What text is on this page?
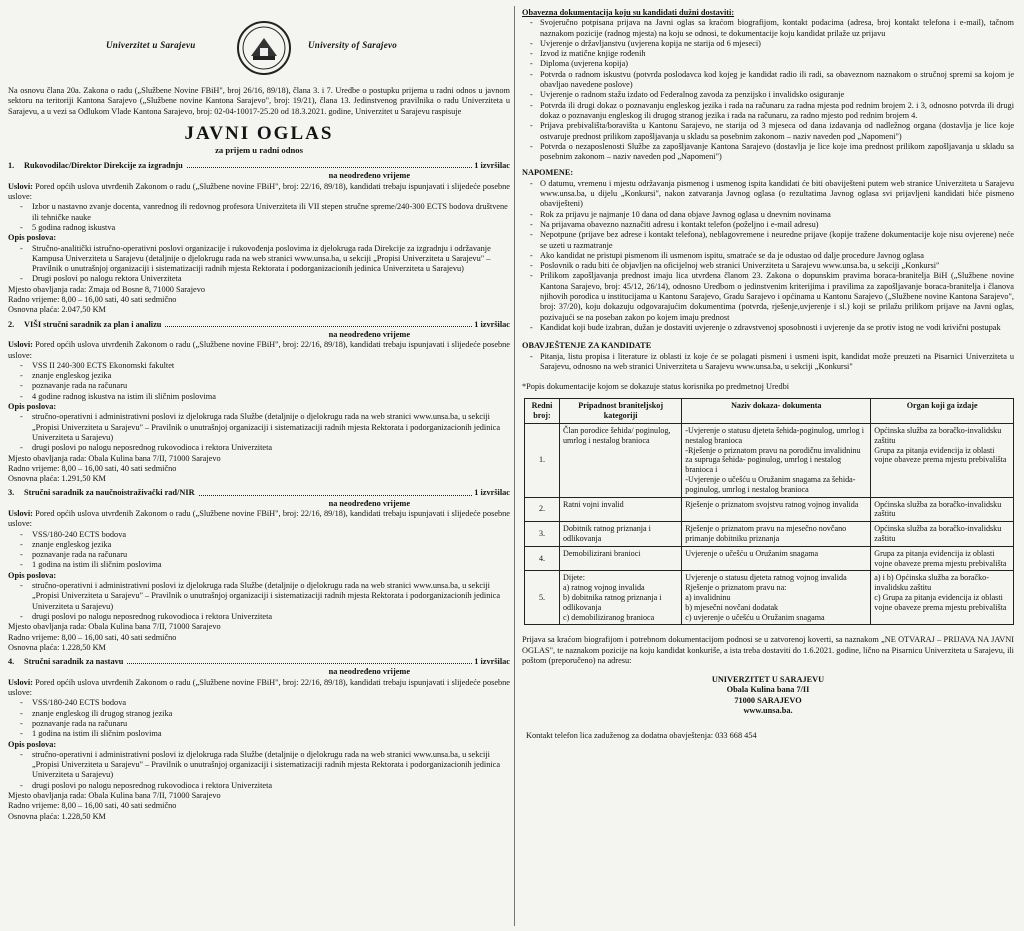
Univerzitet u Sarajevu	University of Sarajevo

Na osnovu člana 20a. Zakona o radu („Službene Novine FBiH", broj 26/16, 89/18), člana 3. i 7. Uredbe o postupku prijema u radni odnos u javnom sektoru na teritoriji Kantona Sarajevo („Službene novine Kantona Sarajevo", broj: 19/21), člana 13. Jedinstvenog pravilnika o radu Univerziteta u Sarajevu, a u vezi sa Odlukom Vlade Kantona Sarajevo, broj: 02-04-10017-25.20 od 18.3.2021. godine, Univerzitet u Sarajevu raspisuje

JAVNI OGLAS
za prijem u radni odnos
1.	Rukovodilac/Direktor Direkcije za izgradnju	1 izvršilac
na neodređeno vrijeme
Uslovi: Pored općih uslova utvrđenih Zakonom o radu („Službene novine FBiH", broj: 22/16, 89/18), kandidati trebaju ispunjavati i slijedeće posebne uslove:
- Izbor u nastavno zvanje docenta, vanrednog ili redovnog profesora Univerziteta ili VII stepen stručne spreme/240-300 ECTS bodova društvene ili tehničke nauke
- 5 godina radnog iskustva
Opis poslova:
- Stručno-analitički istručno-operativni poslovi organizacije i rukovođenja poslovima iz djelokruga rada Direkcije za izgradnju i održavanje Kampusa Univerziteta u Sarajevu (detaljnije o djelokrugu rada na web stranici www.unsa.ba, u sekciji „Propisi Univerziteta u Sarajevu" – Pravilnik o unutrašnjoj organizaciji i sistematizaciji radnih mjesta Rektorata i podorganizacionih jedinica Univerziteta u Sarajevu)
- Drugi poslovi po nalogu rektora Univerziteta
Mjesto obavljanja rada: Zmaja od Bosne 8, 71000 Sarajevo
Radno vrijeme: 8,00 – 16,00 sati, 40 sati sedmično
Osnovna plaća: 2.047,50 KM
2.	VIŠI stručni saradnik za plan i analizu	1 izvršilac
na neodređeno vrijeme
Uslovi: Pored općih uslova utvrđenih Zakonom o radu („Službene novine FBiH", broj: 22/16, 89/18), kandidati trebaju ispunjavati i slijedeće posebne uslove:
- VSS II 240-300 ECTS Ekonomski fakultet
- znanje engleskog jezika
- poznavanje rada na računaru
- 4 godine radnog iskustva na istim ili sličnim poslovima
Opis poslova:
- stručno-operativni i administrativni poslovi iz djelokruga rada Službe (detaljnije o djelokrugu rada na web stranici www.unsa.ba, u sekciji „Propisi Univerziteta u Sarajevu" – Pravilnik o unutrašnjoj organizaciji i sistematizaciji radnih mjesta Rektorata i podorganizacionih jedinica Univerziteta u Sarajevu)
- drugi poslovi po nalogu neposrednog rukovodioca i rektora Univerziteta
Mjesto obavljanja rada: Obala Kulina bana 7/II, 71000 Sarajevo
Radno vrijeme: 8,00 – 16,00 sati, 40 sati sedmično
Osnovna plaća: 1.291,50 KM
3.	Stručni saradnik za naučnoistraživački rad/NIR	1 izvršilac
na neodređeno vrijeme
Uslovi: Pored općih uslova utvrđenih Zakonom o radu („Službene novine FBiH", broj: 22/16, 89/18), kandidati trebaju ispunjavati i slijedeće posebne uslove:
- VSS/180-240 ECTS bodova
- znanje engleskog jezika
- poznavanje rada na računaru
- 1 godina na istim ili sličnim poslovima
Opis poslova:
- stručno-operativni i administrativni poslovi iz djelokruga rada Službe (detaljnije o djelokrugu rada na web stranici www.unsa.ba, u sekciji „Propisi Univerziteta u Sarajevu" – Pravilnik o unutrašnjoj organizaciji i sistematizaciji radnih mjesta Rektorata i podorganizacionih jedinica Univerziteta u Sarajevu)
- drugi poslovi po nalogu neposrednog rukovodioca i rektora Univerziteta
Mjesto obavljanja rada: Obala Kulina bana 7/II, 71000 Sarajevo
Radno vrijeme: 8,00 – 16,00 sati, 40 sati sedmično
Osnovna plaća: 1.228,50 KM
4.	Stručni saradnik za nastavu	1 izvršilac
na neodređeno vrijeme
Uslovi: Pored općih uslova utvrđenih Zakonom o radu („Službene novine FBiH", broj: 22/16, 89/18), kandidati trebaju ispunjavati i slijedeće posebne uslove:
- VSS/180-240 ECTS bodova
- znanje engleskog ili drugog stranog jezika
- poznavanje rada na računaru
- 1 godina na istim ili sličnim poslovima
Opis poslova:
- stručno-operativni i administrativni poslovi iz djelokruga rada Službe (detaljnije o djelokrugu rada na web stranici www.unsa.ba, u sekciji „Propisi Univerziteta u Sarajevu" – Pravilnik o unutrašnjoj organizaciji i sistematizaciji radnih mjesta Rektorata i podorganizacionih jedinica Univerziteta u Sarajevu)
- drugi poslovi po nalogu neposrednog rukovodioca i rektora Univerziteta
Mjesto obavljanja rada: Obala Kulina bana 7/II, 71000 Sarajevo
Radno vrijeme: 8,00 – 16,00 sati, 40 sati sedmično
Osnovna plaća: 1.228,50 KM

Obavezna dokumentacija koju su kandidati dužni dostaviti:

- Svojeručno potpisana prijava na Javni oglas sa kraćom biografijom, kontakt podacima (adresa, broj kontakt telefona i e-mail), tačnom naznakom pozicije (radnog mjesta) na koju se odnosi, te dokumentacije koju kandidat prilaže uz prijavu
- Uvjerenje o državljanstvu (uvjerena kopija ne starija od 6 mjeseci)
- Izvod iz matične knjige rođenih
- Diploma (uvjerena kopija)
- Potvrda o radnom iskustvu (potvrda poslodavca kod kojeg je kandidat radio ili radi, sa obaveznom naznakom o stručnoj spremi sa kojom je obavljao navedene poslove)
- Uvjerenje o radnom stažu izdato od Federalnog zavoda za penzijsko i invalidsko osiguranje
- Potvrda ili drugi dokaz o poznavanju engleskog jezika i rada na računaru za radna mjesta pod rednim brojem 2. i 3, odnosno potvrda ili drugi dokaz o poznavanju engleskog ili drugog stranog jezika i rada na računaru, za radno mjesto pod rednim brojem 4.
- Prijava prebivališta/boravišta u Kantonu Sarajevo, ne starija od 3 mjeseca od dana izdavanja od nadležnog organa (dostavlja je lice koje ostvaruje prednost prilikom zapošljavanja u skladu sa posebnim zakonom – naziv naveden pod „Napomeni")
- Potvrda o nezaposlenosti Službe za zapošljavanje Kantona Sarajevo (dostavlja je lice koje ima prednost prilikom zapošljavanja u skladu sa posebnim zakonom – naziv naveden pod „Napomeni")
NAPOMENE:
- O datumu, vremenu i mjestu održavanja pismenog i usmenog ispita kandidati će biti obaviješteni putem web stranice Univerziteta u Sarajevu www.unsa.ba, u dijelu „Konkursi", nakon zatvaranja Javnog oglasa (o rezultatima Javnog oglasa svi prijavljeni kandidati biće pismeno obaviješteni)
- Rok za prijavu je najmanje 10 dana od dana objave Javnog oglasa u dnevnim novinama
- Na prijavama obavezno naznačiti adresu i kontakt telefon (poželjno i e-mail adresu)
- Nepotpune (prijave bez adrese i kontakt telefona), neblagovremene i neuredne prijave (kopije tražene dokumentacije koje nisu ovjerene) neće se uzeti u razmatranje
- Ako kandidat ne pristupi pismenom ili usmenom ispitu, smatraće se da je odustao od dalje procedure Javnog oglasa
- Poslovnik o radu biti će objavljen na oficijelnoj web stranici Univerziteta u Sarajevu www.unsa.ba, u sekciji „Konkursi"
- Prilikom zapošljavanja prednost imaju lica utvrđena članom 23. Zakona o dopunskim pravima boraca-branitelja BiH („Službene novine Kantona Sarajevo, broj: 45/12, 26/14), odnosno Uredbom o jedinstvenim kriterijima i pravilima za zapošljavanje boraca-branitelja i članova njihovih porodica u institucijama u Kantonu Sarajevo, Gradu Sarajevo i općinama u Kantonu Sarajevo („Službene novine Kantona Sarajevo", broj: 37/20), koju dokazuju odgovarajućim dokumentima (potvrda, rješenje,uvjerenje i sl.) koji se prilažu prilikom prijave na Javni oglas, pozivajući se na poseban zakon po kojem imaju prednost
- Kandidat koji bude izabran, dužan je dostaviti uvjerenje o zdravstvenoj sposobnosti i uvjerenje da se protiv istog ne vodi krivični postupak
OBAVJEŠTENJE ZA KANDIDATE
- Pitanja, listu propisa i literature iz oblasti iz koje će se polagati pismeni i usmeni ispit, kandidat može preuzeti na Pisarnici Univerziteta u Sarajevu, odnosno na web stranici Univerziteta u Sarajevu www.unsa.ba, u sekciji „Konkursi"
*Popis dokumentacije kojom se dokazuje status korisnika po predmetnoj Uredbi
Redni broj:	Pripadnost braniteljskoj kategoriji	Naziv dokaza- dokumenta	Organ koji ga izdaje
1.	Član porodice šehida/ poginulog, umrlog i nestalog branioca	-Uvjerenje o statusu djeteta šehida-poginulog, umrlog i nestalog branioca
-Rješenje o priznatom pravu na porodičnu invalidninu za supruga šehida- poginulog, umrlog i nestalog branioca i
-Uvjerenje o učešću u Oružanim snagama za šehida-poginulog, umrlog i nestalog branioca	Općinska služba za boračko-invalidsku zaštitu
Grupa za pitanja evidencija iz oblasti vojne obaveze prema mjestu prebivališta
2.	Ratni vojni invalid	Rješenje o priznatom svojstvu ratnog vojnog invalida	Općinska služba za boračko-invalidsku zaštitu
3.	Dobitnik ratnog priznanja i odlikovanja	Rješenje o priznatom pravu na mjesečno novčano primanje dobitniku priznanja	Općinska služba za boračko-invalidsku zaštitu
4.	Demobilizirani branioci	Uvjerenje o učešću u Oružanim snagama	Grupa za pitanja evidencija iz oblasti vojne obaveze prema mjestu prebivališta
5.	Dijete:
a) ratnog vojnog invalida
b) dobitnika ratnog priznanja i odlikovanja
c) demobiliziranog branioca	Uvjerenje o statusu djeteta ratnog vojnog invalida
Rješenje o priznatom pravu na:
a) invalidninu
b) mjesečni novčani dodatak
c) uvjerenje o učešću u Oružanim snagama	a) i b) Općinska služba za boračko-invalidsku zaštitu
c) Grupa za pitanja evidencija iz oblasti vojne obaveze prema mjestu prebivališta

Prijava sa kraćom biografijom i potrebnom dokumentacijom podnosi se u zatvorenoj koverti, sa naznakom „NE OTVARAJ – PRIJAVA NA JAVNI OGLAS", te naznakom pozicije na koju kandidat konkuriše, a ista treba dostaviti do 1.6.2021. godine, lično na Pisarnicu Univerziteta u Sarajevu, ili poštom (preporučeno) na adresu:

UNIVERZITET U SARAJEVU
Obala Kulina bana 7/II
71000 SARAJEVO
www.unsa.ba.
Kontakt telefon lica zaduženog za dodatna obavještenja: 033 668 454
